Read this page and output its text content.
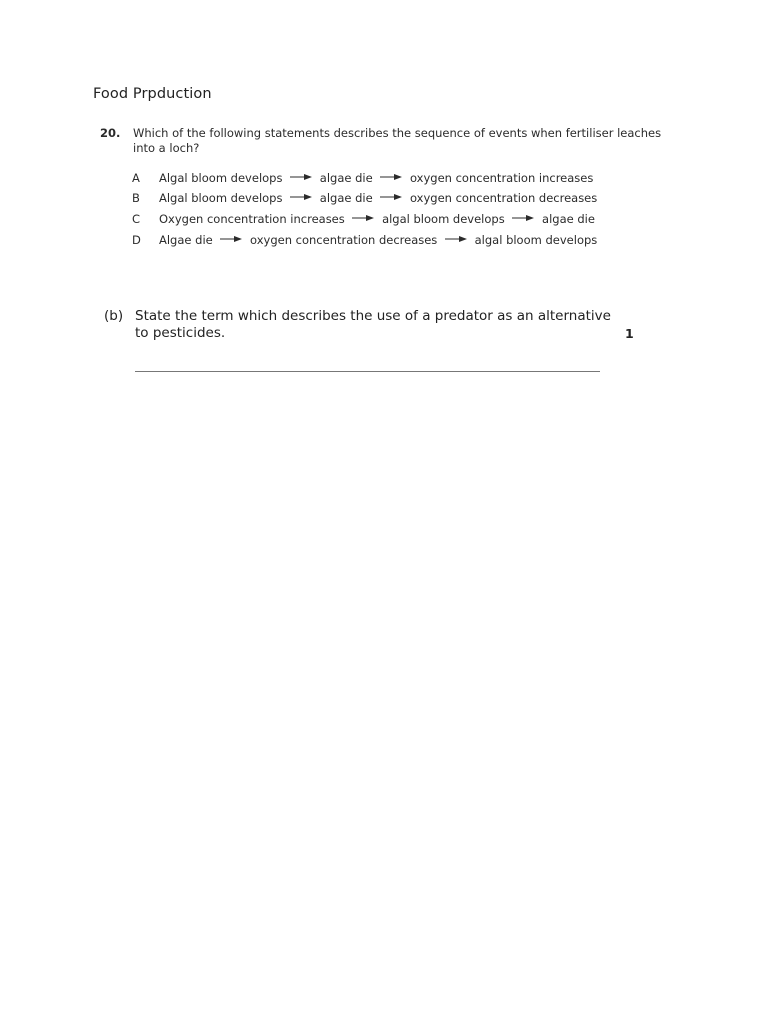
Food Prpduction
20. Which of the following statements describes the sequence of events when fertiliser leaches into a loch?
A Algal bloom develops	algae die	oxygen concentration increases
B Algal bloom develops	algae die	oxygen concentration decreases
C Oxygen concentration increases	algal bloom develops	algae die
D Algae die	oxygen concentration decreases	algal bloom develops
(b) State the term which describes the use of a predator as an alternative to pesticides.	1
